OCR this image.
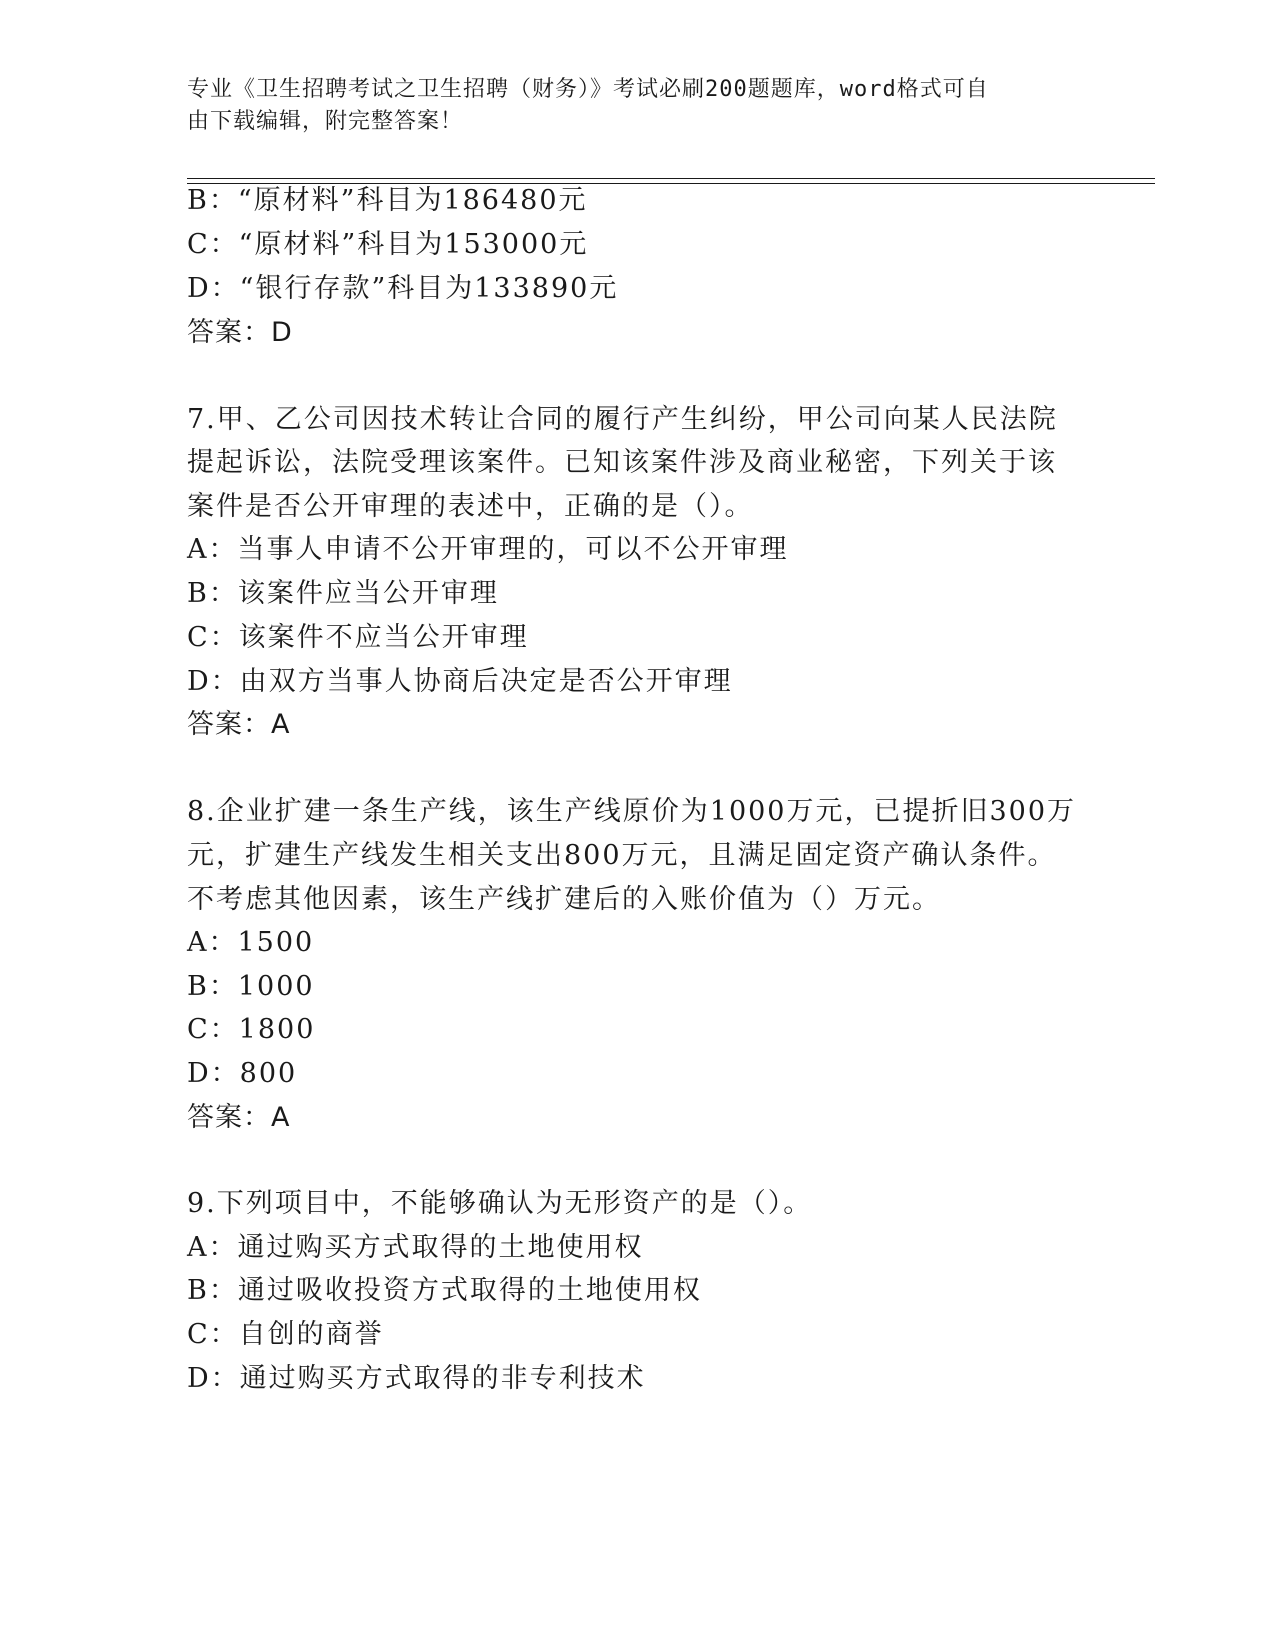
专业《卫生招聘考试之卫生招聘（财务）》考试必刷200题题库，word格式可自
由下载编辑，附完整答案！
B：“原材料”科目为186480元
C：“原材料”科目为153000元
D：“银行存款”科目为133890元
答案：D
7.甲、乙公司因技术转让合同的履行产生纠纷，甲公司向某人民法院
提起诉讼，法院受理该案件。已知该案件涉及商业秘密，下列关于该
案件是否公开审理的表述中，正确的是（）。
A：当事人申请不公开审理的，可以不公开审理
B：该案件应当公开审理
C：该案件不应当公开审理
D：由双方当事人协商后决定是否公开审理
答案：A
8.企业扩建一条生产线，该生产线原价为1000万元，已提折旧300万
元，扩建生产线发生相关支出800万元，且满足固定资产确认条件。
不考虑其他因素，该生产线扩建后的入账价值为（）万元。
A：1500
B：1000
C：1800
D：800
答案：A
9.下列项目中，不能够确认为无形资产的是（）。
A：通过购买方式取得的土地使用权
B：通过吸收投资方式取得的土地使用权
C：自创的商誉
D：通过购买方式取得的非专利技术
